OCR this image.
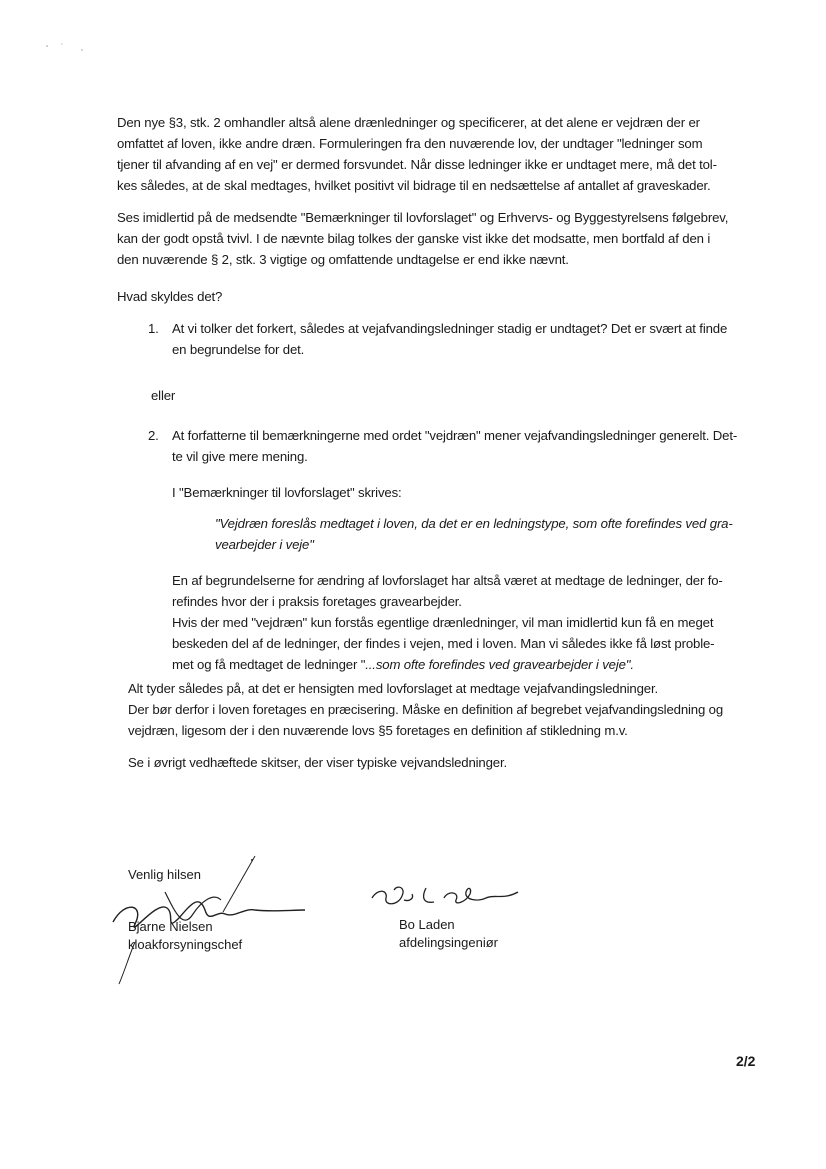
Den nye §3, stk. 2 omhandler altså alene drænledninger og specificerer, at det alene er vejdræn der er
omfattet af loven, ikke andre dræn. Formuleringen fra den nuværende lov, der undtager "ledninger som
tjener til afvanding af en vej" er dermed forsvundet. Når disse ledninger ikke er undtaget mere, må det tol-
kes således, at de skal medtages, hvilket positivt vil bidrage til en nedsættelse af antallet af graveskader.
Ses imidlertid på de medsendte "Bemærkninger til lovforslaget" og Erhvervs- og Byggestyrelsens følgebrev,
kan der godt opstå tvivl. I de nævnte bilag tolkes der ganske vist ikke det modsatte, men bortfald af den i
den nuværende § 2, stk. 3 vigtige og omfattende undtagelse er end ikke nævnt.
Hvad skyldes det?
1. At vi tolker det forkert, således at vejafvandingsledninger stadig er undtaget? Det er svært at finde
en begrundelse for det.
eller
2. At forfatterne til bemærkningerne med ordet "vejdræn" mener vejafvandingsledninger generelt. Det-
te vil give mere mening.
I "Bemærkninger til lovforslaget" skrives:
"Vejdræn foreslås medtaget i loven, da det er en ledningstype, som ofte forefindes ved gra-
vearbejder i veje"
En af begrundelserne for ændring af lovforslaget har altså været at medtage de ledninger, der fo-
refindes hvor der i praksis foretages gravearbejder.
Hvis der med "vejdræn" kun forstås egentlige drænledninger, vil man imidlertid kun få en meget
beskeden del af de ledninger, der findes i vejen, med i loven. Man vi således ikke få løst proble-
met og få medtaget de ledninger "...som ofte forefindes ved gravearbejder i veje".
Alt tyder således på, at det er hensigten med lovforslaget at medtage vejafvandingsledninger.
Der bør derfor i loven foretages en præcisering. Måske en definition af begrebet vejafvandingsledning og
vejdræn, ligesom der i den nuværende lovs §5 foretages en definition af stikledning m.v.
Se i øvrigt vedhæftede skitser, der viser typiske vejvandsledninger.
Venlig hilsen
Bjarne Nielsen
kloakforsyningschef
Bo Laden
afdelingsingeniør
2/2
